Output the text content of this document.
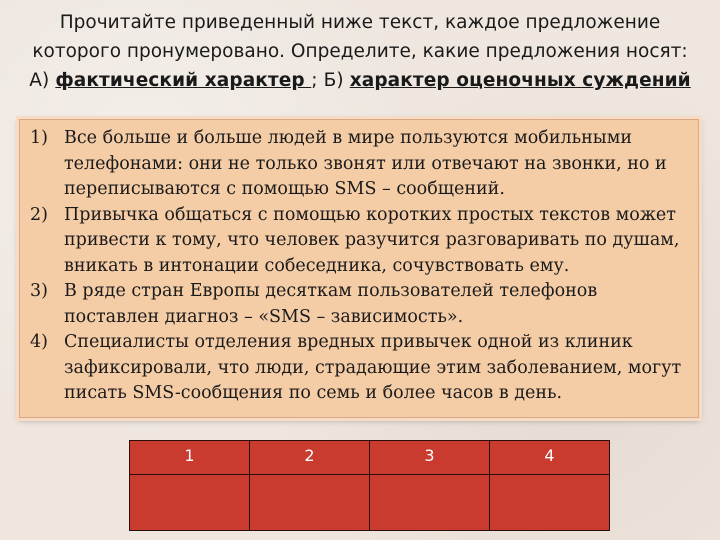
Прочитайте приведенный ниже текст, каждое предложение
которого пронумеровано. Определите, какие предложения носят:
А) фактический характер ; Б) характер оценочных суждений
1) Все больше и больше людей в мире пользуются мобильными телефонами: они не только звонят или отвечают на звонки, но и переписываются с помощью SMS – сообщений.
2) Привычка общаться с помощью коротких простых текстов может привести к тому, что человек разучится разговаривать по душам, вникать в интонации собеседника, сочувствовать ему.
3) В ряде стран Европы десяткам пользователей телефонов поставлен диагноз – «SMS – зависимость».
4) Специалисты отделения вредных привычек одной из клиник зафиксировали, что люди, страдающие этим заболеванием, могут писать SMS-сообщения по семь и более часов в день.
1	2	3	4
